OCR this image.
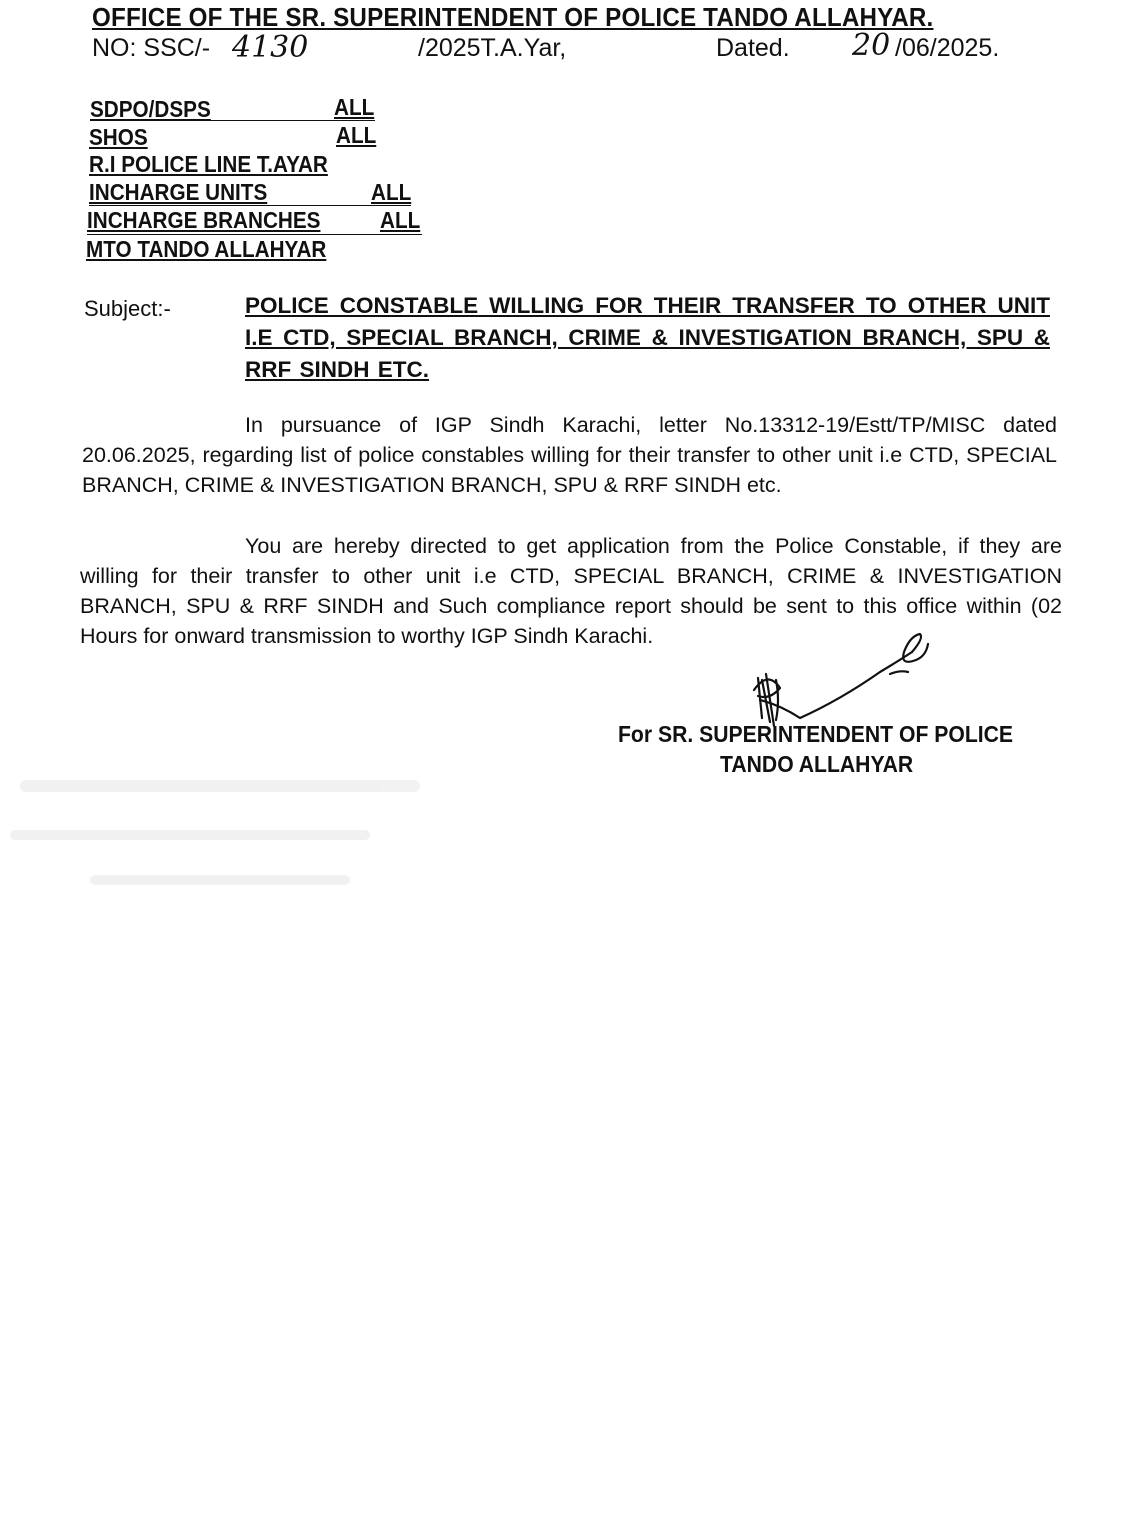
OFFICE OF THE SR. SUPERINTENDENT OF POLICE TANDO ALLAHYAR.
NO: SSC/- 4130	/2025T.A.Yar,	Dated. 20 /06/2025.
SDPO/DSPS	ALL
SHOS	ALL
R.I POLICE LINE T.AYAR
INCHARGE UNITS	ALL
INCHARGE BRANCHES	ALL
MTO TANDO ALLAHYAR
Subject:-	POLICE CONSTABLE WILLING FOR THEIR TRANSFER TO OTHER UNIT I.E CTD, SPECIAL BRANCH, CRIME & INVESTIGATION BRANCH, SPU & RRF SINDH ETC.
In pursuance of IGP Sindh Karachi, letter No.13312-19/Estt/TP/MISC dated 20.06.2025, regarding list of police constables willing for their transfer to other unit i.e CTD, SPECIAL BRANCH, CRIME & INVESTIGATION BRANCH, SPU & RRF SINDH etc.
You are hereby directed to get application from the Police Constable, if they are willing for their transfer to other unit i.e CTD, SPECIAL BRANCH, CRIME & INVESTIGATION BRANCH, SPU & RRF SINDH and Such compliance report should be sent to this office within (02 Hours for onward transmission to worthy IGP Sindh Karachi.
For SR. SUPERINTENDENT OF POLICE
TANDO ALLAHYAR
